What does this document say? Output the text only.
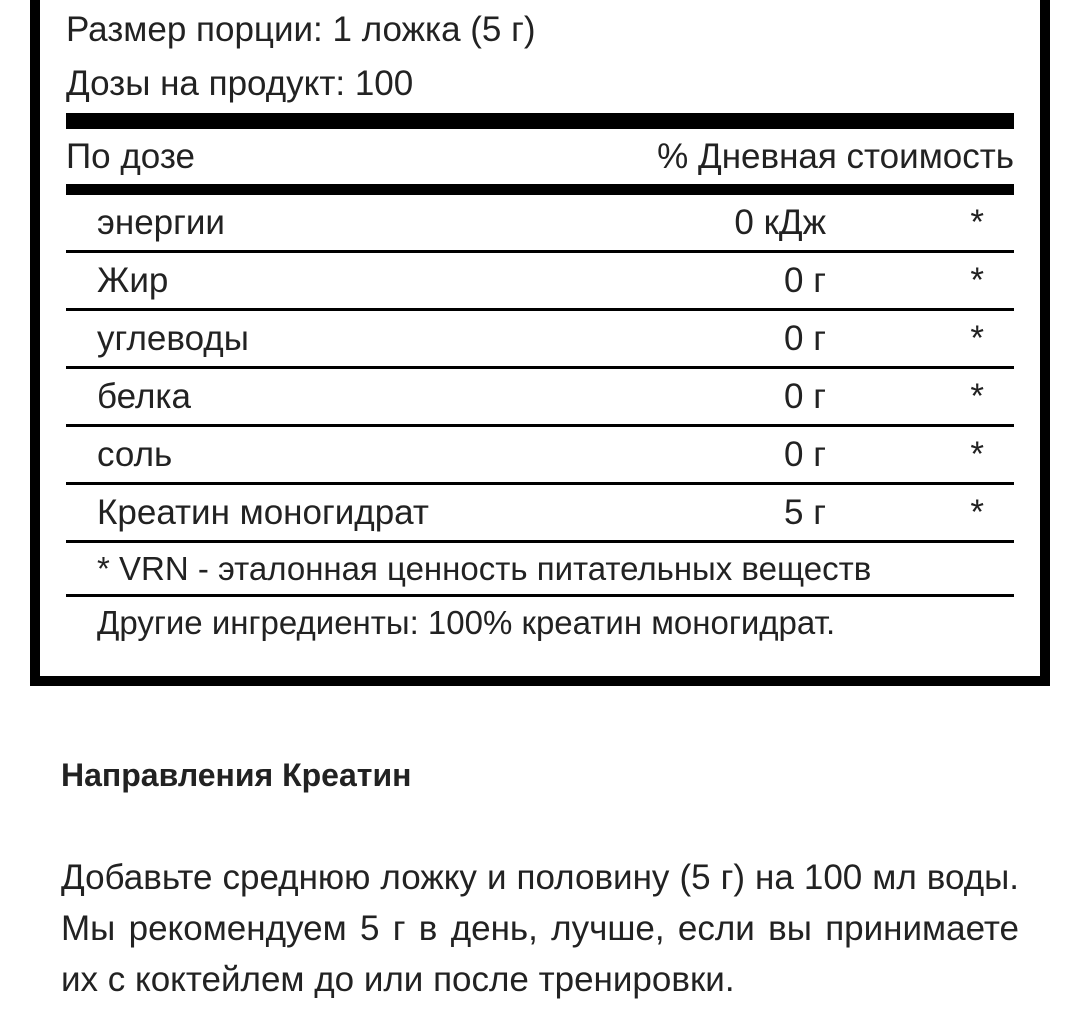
Размер порции: 1 ложка (5 г)
Дозы на продукт: 100
По дозе	% Дневная стоимость
энергии	0 кДж	*
Жир	0 г	*
углеводы	0 г	*
белка	0 г	*
соль	0 г	*
Креатин моногидрат	5 г	*
* VRN - эталонная ценность питательных веществ
Другие ингредиенты: 100% креатин моногидрат.
Направления Креатин
Добавьте среднюю ложку и половину (5 г) на 100 мл воды. Мы рекомендуем 5 г в день, лучше, если вы принимаете их с коктейлем до или после тренировки.
